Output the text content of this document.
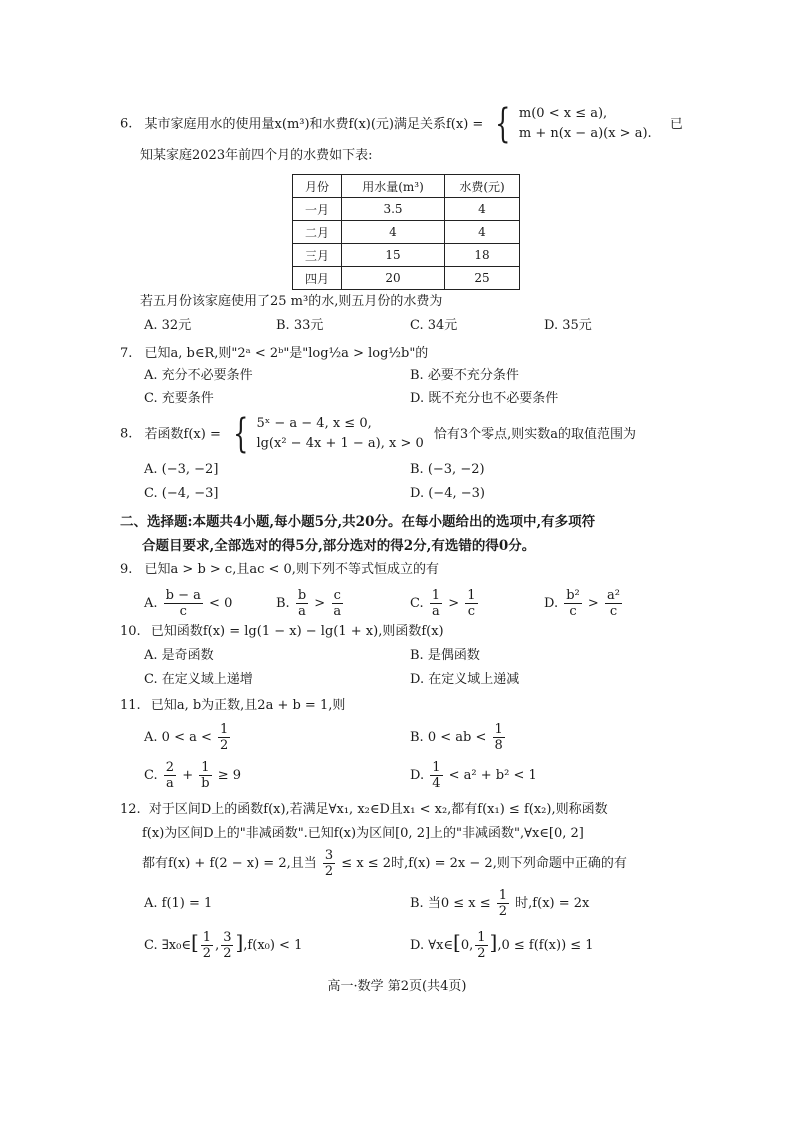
6. 某市家庭用水的使用量x(m³)和水费f(x)(元)满足关系f(x) = { m(0 < x ≤ a),
m + n(x − a)(x > a).
已
知某家庭2023年前四个月的水费如下表:
月份	用水量(m³)	水费(元)
一月	3.5	4
二月	4	4
三月	15	18
四月	20	25
若五月份该家庭使用了25 m³的水,则五月份的水费为
A. 32元	B. 33元	C. 34元	D. 35元
7. 已知a, b∈R,则"2ᵃ < 2ᵇ"是"log½a > log½b"的
A. 充分不必要条件	B. 必要不充分条件
C. 充要条件	D. 既不充分也不必要条件
8. 若函数f(x) = { 5ˣ − a − 4, x ≤ 0,
lg(x² − 4x + 1 − a), x > 0
恰有3个零点,则实数a的取值范围为
A. (−3, −2]	B. (−3, −2)
C. (−4, −3]	D. (−4, −3)
二、选择题:本题共4小题,每小题5分,共20分。在每小题给出的选项中,有多项符
合题目要求,全部选对的得5分,部分选对的得2分,有选错的得0分。
9. 已知a > b > c,且ac < 0,则下列不等式恒成立的有
A. $\frac{b - a}{c} < 0$	B. $\frac{b}{a} > \frac{c}{a}$	C. $\frac{1}{a} > \frac{1}{c}$	D. $\frac{\text{b²}}{c} > \frac{\text{a²}}{c}$
10. 已知函数f(x) = lg(1 − x) − lg(1 + x),则函数f(x)
A. 是奇函数	B. 是偶函数
C. 在定义域上递增	D. 在定义域上递减
11. 已知a, b为正数,且2a + b = 1,则
A. $0 < a < \frac{1}{2}$	B. 0 < ab < $\frac{1}{8}$
C. $\frac{2}{a} + \frac{1}{b} \ge 9$	D. $\frac{1}{4} < a^2 + b^2 < 1$
12. 对于区间D上的函数f(x),若满足∀x₁, x₂∈D且x₁ < x₂,都有f(x₁) ≤ f(x₂),则称函数
f(x)为区间D上的"非减函数".已知f(x)为区间[0, 2]上的"非减函数",∀x∈[0, 2]
都有f(x) + f(2 − x) = 2,且当 $\frac{3}{2} \le x \le 2$时,f(x) = 2x − 2,则下列命题中正确的有
A. f(1) = 1	B. 当$0 \le x \le \frac{1}{2}$ 时,f(x) = 2x
C. ∃x₀∈[ $\frac{1}{2}$ , $\frac{3}{2} ],f(x_0) < 1$	D. ∀x∈[0, $\frac{1}{2} ],0 \le f(f(x)) \le 1$
高一·数学 第2页(共4页)
